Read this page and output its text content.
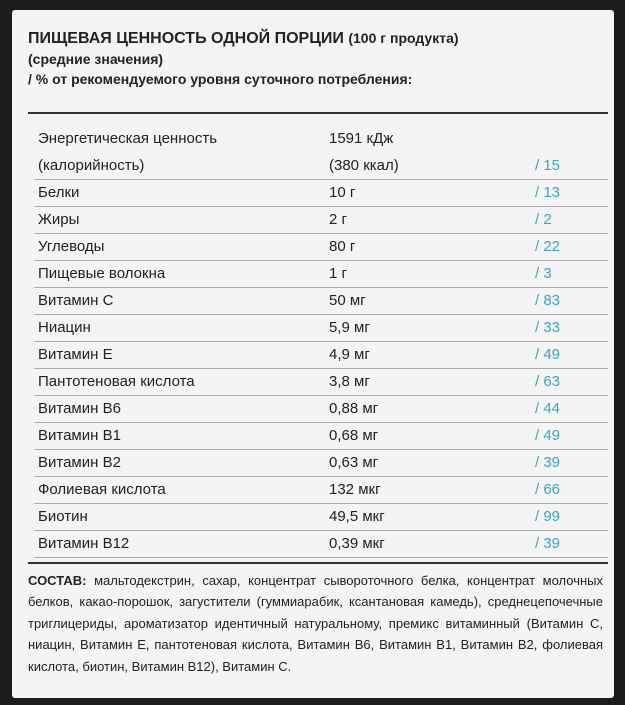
ПИЩЕВАЯ ЦЕННОСТЬ ОДНОЙ ПОРЦИИ (100 г продукта)
(средние значения)
/ % от рекомендуемого уровня суточного потребления:
Энергетическая ценность	1591 кДж
(калорийность)	(380 ккал)	/ 15
Белки	10 г	/ 13
Жиры	2 г	/ 2
Углеводы	80 г	/ 22
Пищевые волокна	1 г	/ 3
Витамин С	50 мг	/ 83
Ниацин	5,9 мг	/ 33
Витамин Е	4,9 мг	/ 49
Пантотеновая кислота	3,8 мг	/ 63
Витамин В6	0,88 мг	/ 44
Витамин В1	0,68 мг	/ 49
Витамин В2	0,63 мг	/ 39
Фолиевая кислота	132 мкг	/ 66
Биотин	49,5 мкг	/ 99
Витамин В12	0,39 мкг	/ 39
СОСТАВ: мальтодекстрин, сахар, концентрат сывороточного белка, концентрат молочных белков, какао-порошок, загустители (гуммиарабик, ксантановая камедь), среднецепочечные триглицериды, ароматизатор идентичный натуральному, премикс витаминный (Витамин С, ниацин, Витамин Е, пантотеновая кислота, Витамин В6, Витамин В1, Витамин В2, фолиевая кислота, биотин, Витамин В12), Витамин С.
